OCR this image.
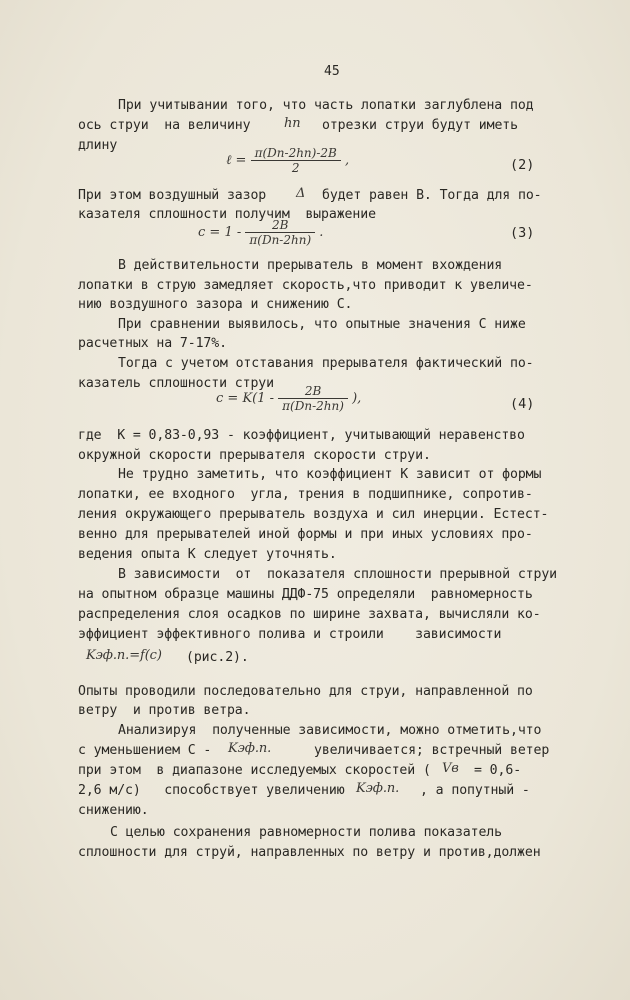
45
При учитывании того, что часть лопатки заглублена под
ось струи  на величину	hп отрезки струи будут иметь
длину
ℓ = $\frac{\pi(Dп-2hп)-2B}{2}$ ,	(2)
При этом воздушный зазор Δ будет равен В. Тогда для по-
казателя сплошности получим  выражение
$c = 1 - \frac{2B}{\pi(Dп-2hп)}$ .	(3)
В действительности прерыватель в момент вхождения
лопатки в струю замедляет скорость,что приводит к увеличе-
нию воздушного зазора и снижению С.
При сравнении выявилось, что опытные значения С ниже
расчетных на 7-17%.
Тогда с учетом отставания прерывателя фактический по-
казатель сплошности струи
$c = K(1 - \frac{2B}{\pi(Dп-2hп)}$ ),	(4)
где  К = 0,83-0,93 - коэффициент, учитывающий неравенство
окружной скорости прерывателя скорости струи.
Не трудно заметить, что коэффициент К зависит от формы
лопатки, ее входного  угла, трения в подшипнике, сопротив-
ления окружающего прерыватель воздуха и сил инерции. Естест-
венно для прерывателей иной формы и при иных условиях про-
ведения опыта К следует уточнять.
В зависимости  от  показателя сплошности прерывной струи
на опытном образце машины ДДФ-75 определяли  равномерность
распределения слоя осадков по ширине захвата, вычисляли ко-
эффициент эффективного полива и строили    зависимости
Kэф.п.=f(c) (рис.2).
Опыты проводили последовательно для струи, направленной по
ветру  и против ветра.
Анализируя  полученные зависимости, можно отметить,что
с уменьшением С - Kэф.п.	увеличивается; встречный ветер
при этом  в диапазоне исследуемых скоростей ( Vв = 0,6-
2,6 м/с)   способствует увеличению Kэф.п. , а попутный -
снижению.
С целью сохранения равномерности полива показатель
сплошности для струй, направленных по ветру и против,должен
